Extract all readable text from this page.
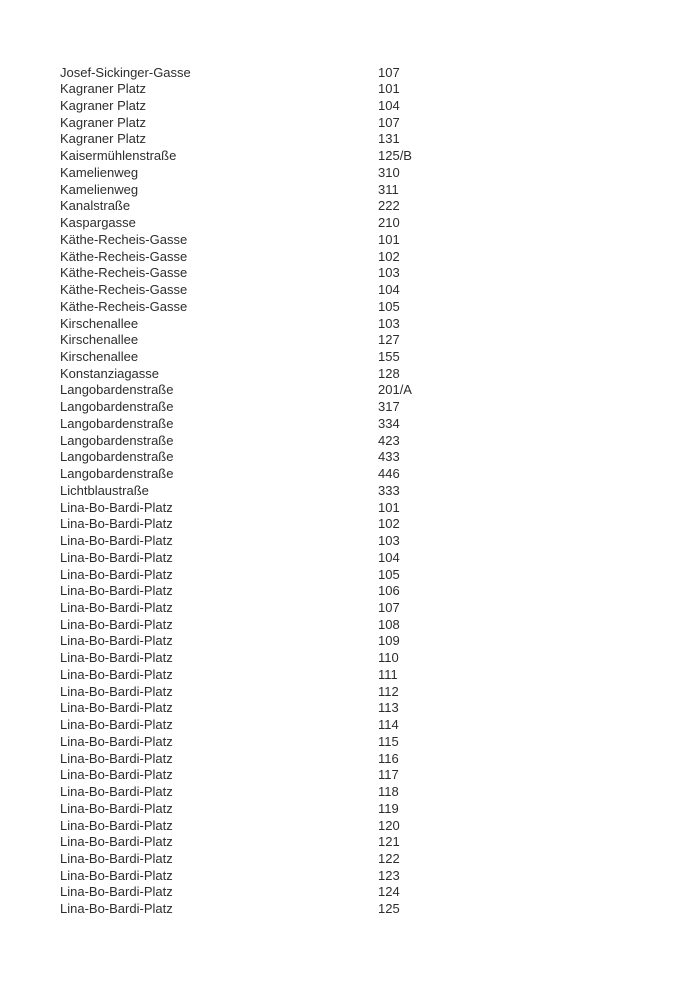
Josef-Sickinger-Gasse	107
Kagraner Platz	101
Kagraner Platz	104
Kagraner Platz	107
Kagraner Platz	131
Kaisermühlenstraße	125/B
Kamelienweg	310
Kamelienweg	311
Kanalstraße	222
Kaspargasse	210
Käthe-Recheis-Gasse	101
Käthe-Recheis-Gasse	102
Käthe-Recheis-Gasse	103
Käthe-Recheis-Gasse	104
Käthe-Recheis-Gasse	105
Kirschenallee	103
Kirschenallee	127
Kirschenallee	155
Konstanziagasse	128
Langobardenstraße	201/A
Langobardenstraße	317
Langobardenstraße	334
Langobardenstraße	423
Langobardenstraße	433
Langobardenstraße	446
Lichtblaustraße	333
Lina-Bo-Bardi-Platz	101
Lina-Bo-Bardi-Platz	102
Lina-Bo-Bardi-Platz	103
Lina-Bo-Bardi-Platz	104
Lina-Bo-Bardi-Platz	105
Lina-Bo-Bardi-Platz	106
Lina-Bo-Bardi-Platz	107
Lina-Bo-Bardi-Platz	108
Lina-Bo-Bardi-Platz	109
Lina-Bo-Bardi-Platz	110
Lina-Bo-Bardi-Platz	111
Lina-Bo-Bardi-Platz	112
Lina-Bo-Bardi-Platz	113
Lina-Bo-Bardi-Platz	114
Lina-Bo-Bardi-Platz	115
Lina-Bo-Bardi-Platz	116
Lina-Bo-Bardi-Platz	117
Lina-Bo-Bardi-Platz	118
Lina-Bo-Bardi-Platz	119
Lina-Bo-Bardi-Platz	120
Lina-Bo-Bardi-Platz	121
Lina-Bo-Bardi-Platz	122
Lina-Bo-Bardi-Platz	123
Lina-Bo-Bardi-Platz	124
Lina-Bo-Bardi-Platz	125
